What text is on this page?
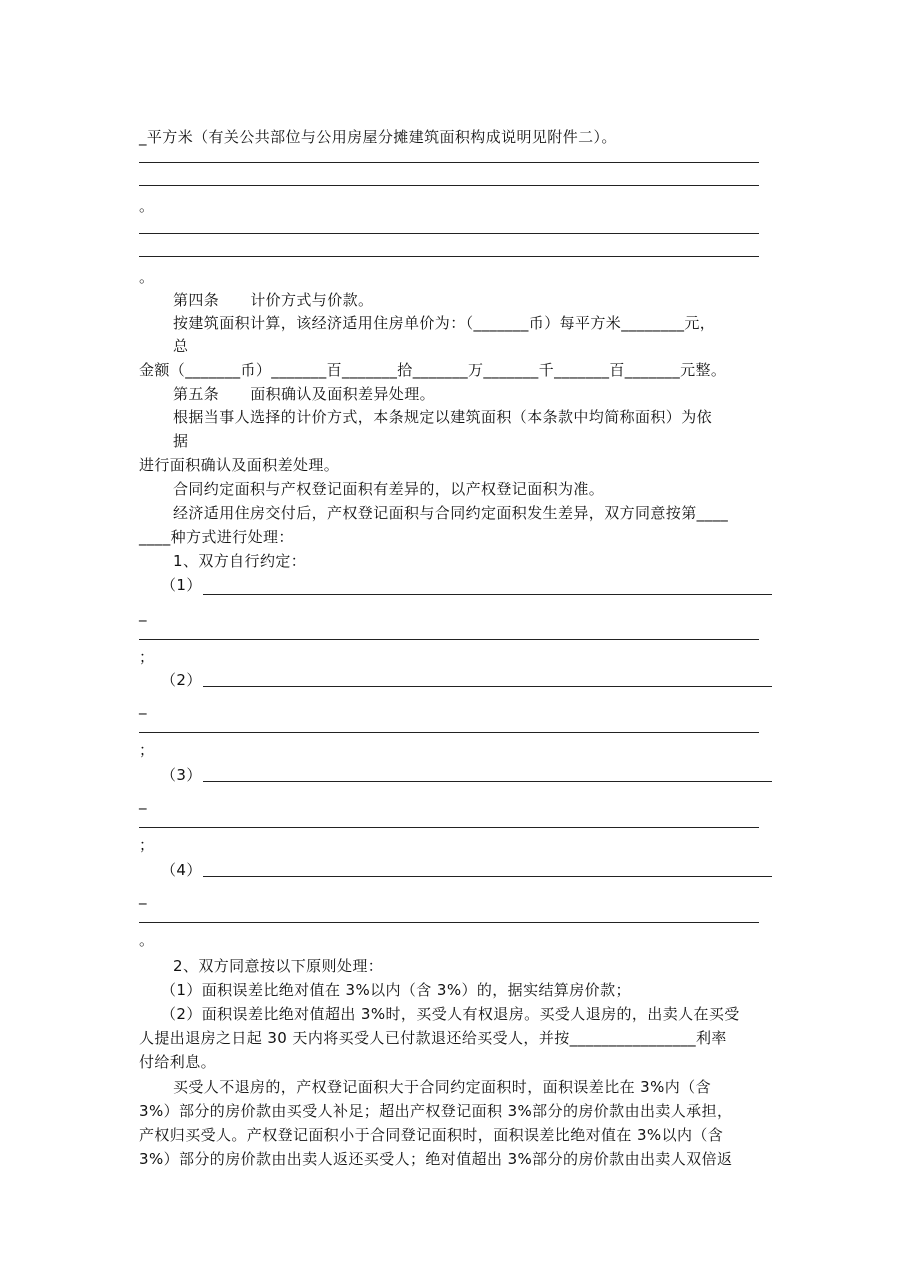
_平方米（有关公共部位与公用房屋分摊建筑面积构成说明见附件二）。
。
。
第四条      计价方式与价款。
按建筑面积计算，该经济适用住房单价为：（_______币）每平方米________元，
总
金额（_______币）_______百_______拾_______万_______千_______百_______元整。
第五条      面积确认及面积差异处理。
根据当事人选择的计价方式，本条规定以建筑面积（本条款中均简称面积）为依
据
进行面积确认及面积差处理。
合同约定面积与产权登记面积有差异的，以产权登记面积为准。
经济适用住房交付后，产权登记面积与合同约定面积发生差异，双方同意按第____
____种方式进行处理：
1、双方自行约定：
（1）
_
；
（2）
_
；
（3）
_
；
（4）
_
。
2、双方同意按以下原则处理：
（1）面积误差比绝对值在 3%以内（含 3%）的，据实结算房价款；
（2）面积误差比绝对值超出 3%时，买受人有权退房。买受人退房的，出卖人在买受
人提出退房之日起 30 天内将买受人已付款退还给买受人，并按________________利率
付给利息。
买受人不退房的，产权登记面积大于合同约定面积时，面积误差比在 3%内（含
3%）部分的房价款由买受人补足；超出产权登记面积 3%部分的房价款由出卖人承担，
产权归买受人。产权登记面积小于合同登记面积时，面积误差比绝对值在 3%以内（含
3%）部分的房价款由出卖人返还买受人；绝对值超出 3%部分的房价款由出卖人双倍返
